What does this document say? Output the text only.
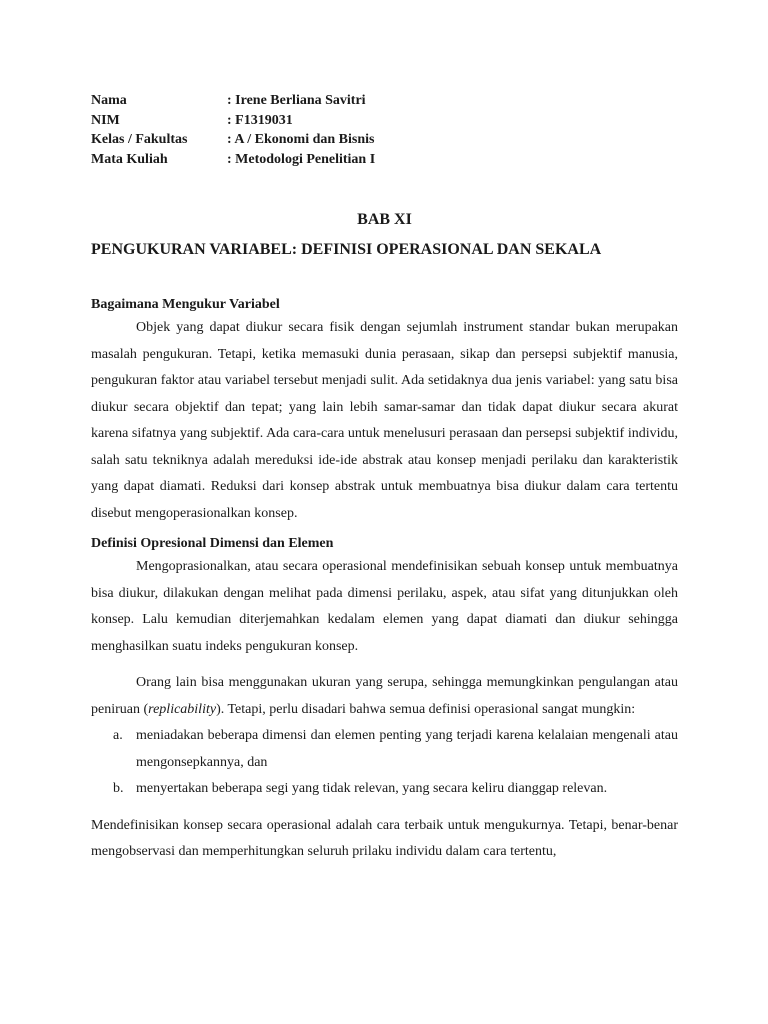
Nama	: Irene Berliana Savitri
NIM	: F1319031
Kelas / Fakultas	: A / Ekonomi dan Bisnis
Mata Kuliah	: Metodologi Penelitian I
BAB XI
PENGUKURAN VARIABEL: DEFINISI OPERASIONAL DAN SEKALA
Bagaimana Mengukur Variabel

Objek yang dapat diukur secara fisik dengan sejumlah instrument standar bukan merupakan masalah pengukuran. Tetapi, ketika memasuki dunia perasaan, sikap dan persepsi subjektif manusia, pengukuran faktor atau variabel tersebut menjadi sulit. Ada setidaknya dua jenis variabel: yang satu bisa diukur secara objektif dan tepat; yang lain lebih samar-samar dan tidak dapat diukur secara akurat karena sifatnya yang subjektif. Ada cara-cara untuk menelusuri perasaan dan persepsi subjektif individu, salah satu tekniknya adalah mereduksi ide-ide abstrak atau konsep menjadi perilaku dan karakteristik yang dapat diamati. Reduksi dari konsep abstrak untuk membuatnya bisa diukur dalam cara tertentu disebut mengoperasionalkan konsep.

Definisi Opresional Dimensi dan Elemen

Mengoprasionalkan, atau secara operasional mendefinisikan sebuah konsep untuk membuatnya bisa diukur, dilakukan dengan melihat pada dimensi perilaku, aspek, atau sifat yang ditunjukkan oleh konsep. Lalu kemudian diterjemahkan kedalam elemen yang dapat diamati dan diukur sehingga menghasilkan suatu indeks pengukuran konsep.

Orang lain bisa menggunakan ukuran yang serupa, sehingga memungkinkan pengulangan atau peniruan (replicability). Tetapi, perlu disadari bahwa semua definisi operasional sangat mungkin:

a. meniadakan beberapa dimensi dan elemen penting yang terjadi karena kelalaian mengenali atau mengonsepkannya, dan
b. menyertakan beberapa segi yang tidak relevan, yang secara keliru dianggap relevan.

Mendefinisikan konsep secara operasional adalah cara terbaik untuk mengukurnya. Tetapi, benar-benar mengobservasi dan memperhitungkan seluruh prilaku individu dalam cara tertentu,
